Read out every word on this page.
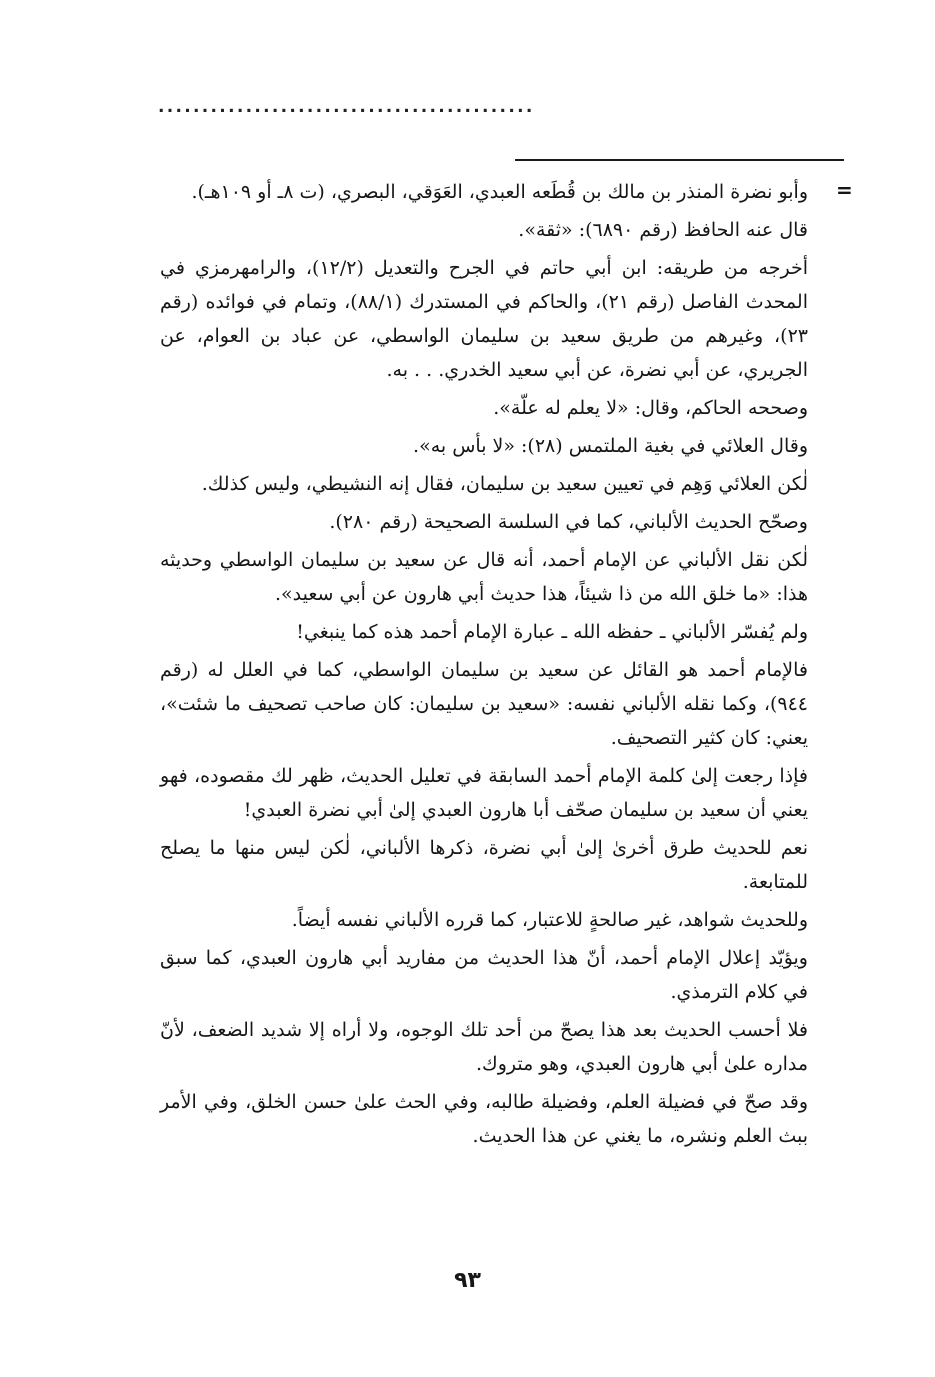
...........................................
=

وأبو نضرة المنذر بن مالك بن قُطَعه العبدي، العَوَقي، البصري، (ت ٨ـ أو ١٠٩هـ).

قال عنه الحافظ (رقم ٦٨٩٠): «ثقة».

أخرجه من طريقه: ابن أبي حاتم في الجرح والتعديل (١٢/٢)، والرامهرمزي في المحدث الفاصل (رقم ٢١)، والحاكم في المستدرك (٨٨/١)، وتمام في فوائده (رقم ٢٣)، وغيرهم من طريق سعيد بن سليمان الواسطي، عن عباد بن العوام، عن الجريري، عن أبي نضرة، عن أبي سعيد الخدري. . . به.

وصححه الحاكم، وقال: «لا يعلم له علّة».

وقال العلائي في بغية الملتمس (٢٨): «لا بأس به».

لٰكن العلائي وَهِم في تعيين سعيد بن سليمان، فقال إنه النشيطي، وليس كذلك.

وصحّح الحديث الألباني، كما في السلسة الصحيحة (رقم ٢٨٠).

لٰكن نقل الألباني عن الإمام أحمد، أنه قال عن سعيد بن سليمان الواسطي وحديثه هذا: «ما خلق الله من ذا شيئاً، هذا حديث أبي هارون عن أبي سعيد».

ولم يُفسّر الألباني ـ حفظه الله ـ عبارة الإمام أحمد هذه كما ينبغي!

فالإمام أحمد هو القائل عن سعيد بن سليمان الواسطي، كما في العلل له (رقم ٩٤٤)، وكما نقله الألباني نفسه: «سعيد بن سليمان: كان صاحب تصحيف ما شئت»، يعني: كان كثير التصحيف.

فإذا رجعت إلىٰ كلمة الإمام أحمد السابقة في تعليل الحديث، ظهر لك مقصوده، فهو يعني أن سعيد بن سليمان صحّف أبا هارون العبدي إلىٰ أبي نضرة العبدي!

نعم للحديث طرق أخرىٰ إلىٰ أبي نضرة، ذكرها الألباني، لٰكن ليس منها ما يصلح للمتابعة.

وللحديث شواهد، غير صالحةٍ للاعتبار، كما قرره الألباني نفسه أيضاً.

ويؤيّد إعلال الإمام أحمد، أنّ هذا الحديث من مفاريد أبي هارون العبدي، كما سبق في كلام الترمذي.

فلا أحسب الحديث بعد هذا يصحّ من أحد تلك الوجوه، ولا أراه إلا شديد الضعف، لأنّ مداره علىٰ أبي هارون العبدي، وهو متروك.

وقد صحّ في فضيلة العلم، وفضيلة طالبه، وفي الحث علىٰ حسن الخلق، وفي الأمر ببث العلم ونشره، ما يغني عن هذا الحديث.

٩٣
